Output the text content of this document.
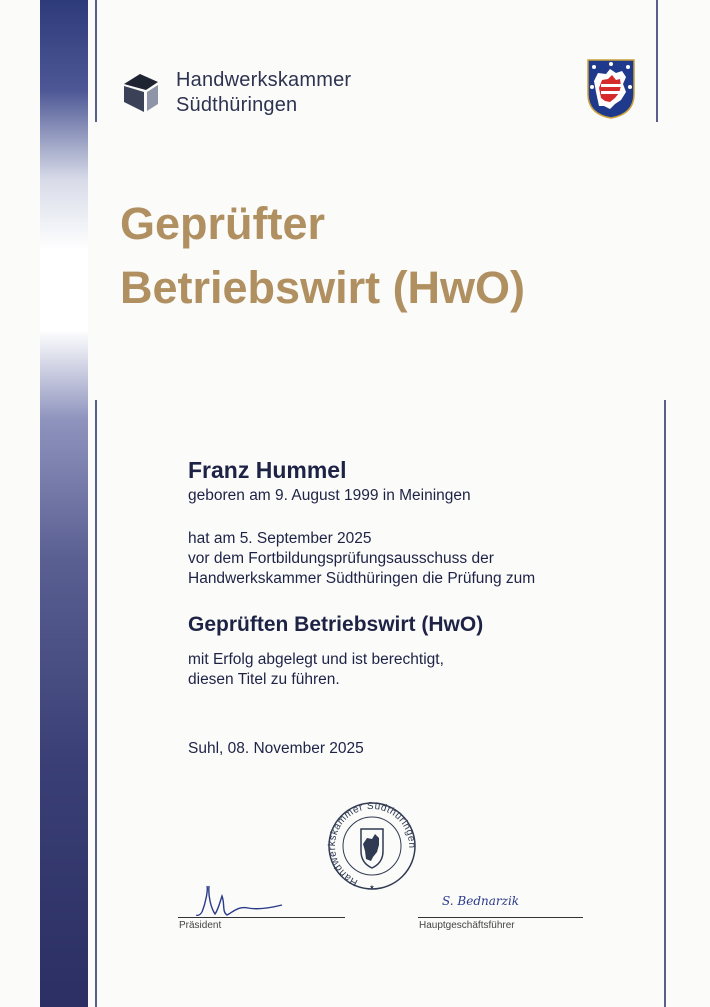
Handwerkskammer
Südthüringen
Geprüfter
Betriebswirt (HwO)
Franz Hummel
geboren am 9. August 1999 in Meiningen
hat am 5. September 2025
vor dem Fortbildungsprüfungsausschuss der
Handwerkskammer Südthüringen die Prüfung zum
Geprüften Betriebswirt (HwO)
mit Erfolg abgelegt und ist berechtigt,
diesen Titel zu führen.
Suhl, 08. November 2025
Handwerkskammer Südthüringen
★
S. Bednarzik
Präsident	Hauptgeschäftsführer
